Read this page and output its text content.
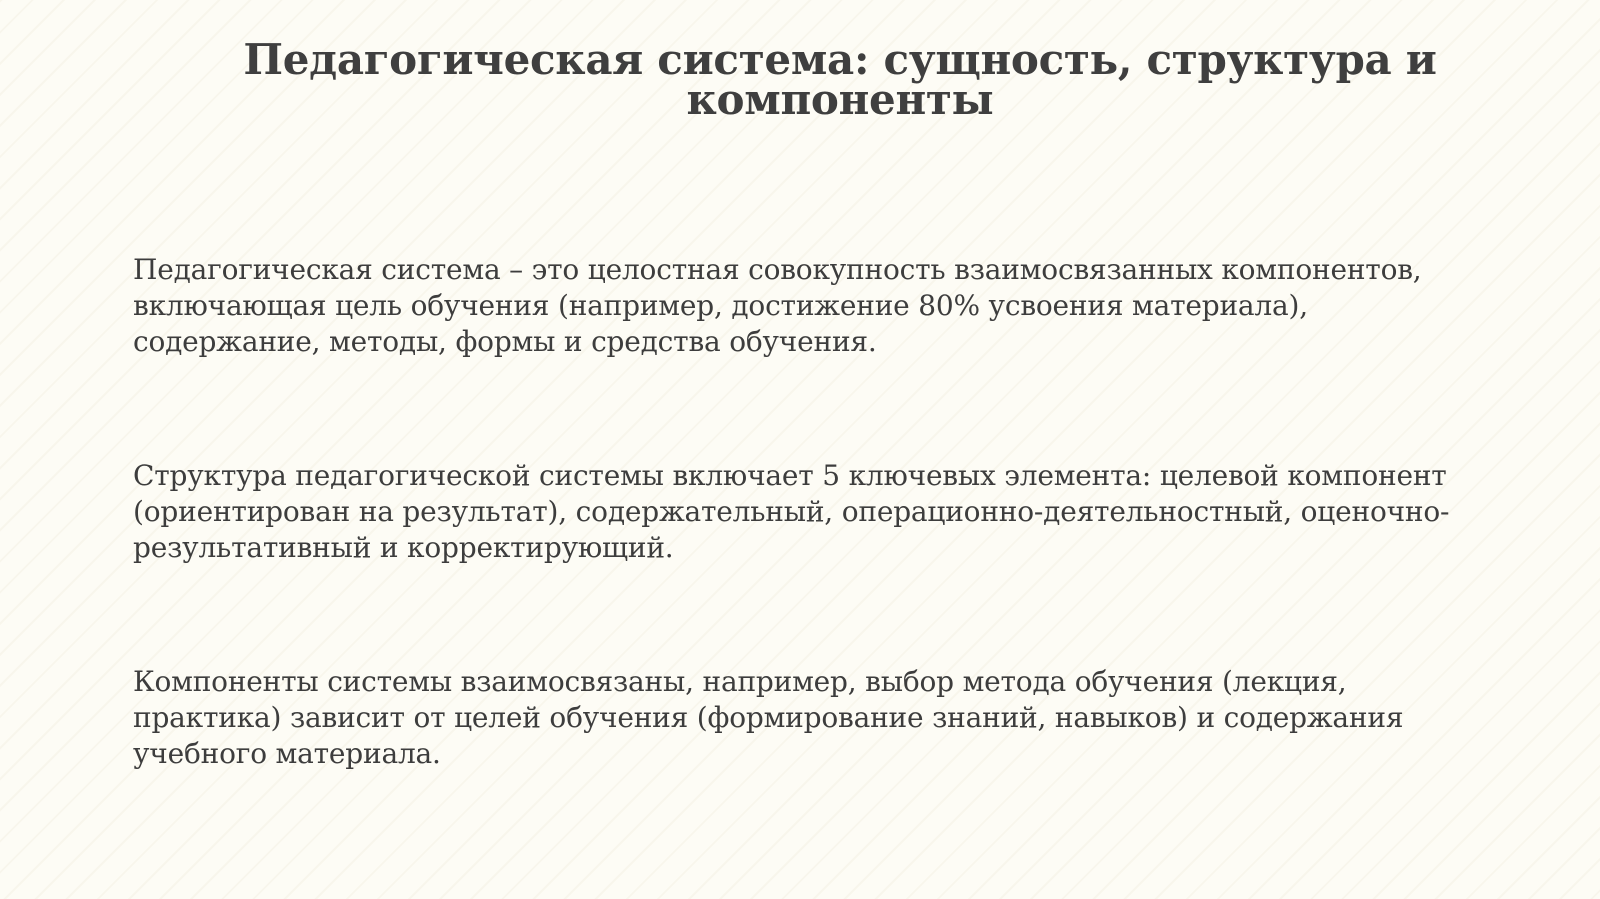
Педагогическая система: сущность, структура и компоненты

Педагогическая система – это целостная совокупность взаимосвязанных компонентов, включающая цель обучения (например, достижение 80% усвоения материала), содержание, методы, формы и средства обучения.

Структура педагогической системы включает 5 ключевых элемента: целевой компонент (ориентирован на результат), содержательный, операционно-деятельностный, оценочно-результативный и корректирующий.

Компоненты системы взаимосвязаны, например, выбор метода обучения (лекция, практика) зависит от целей обучения (формирование знаний, навыков) и содержания учебного материала.
